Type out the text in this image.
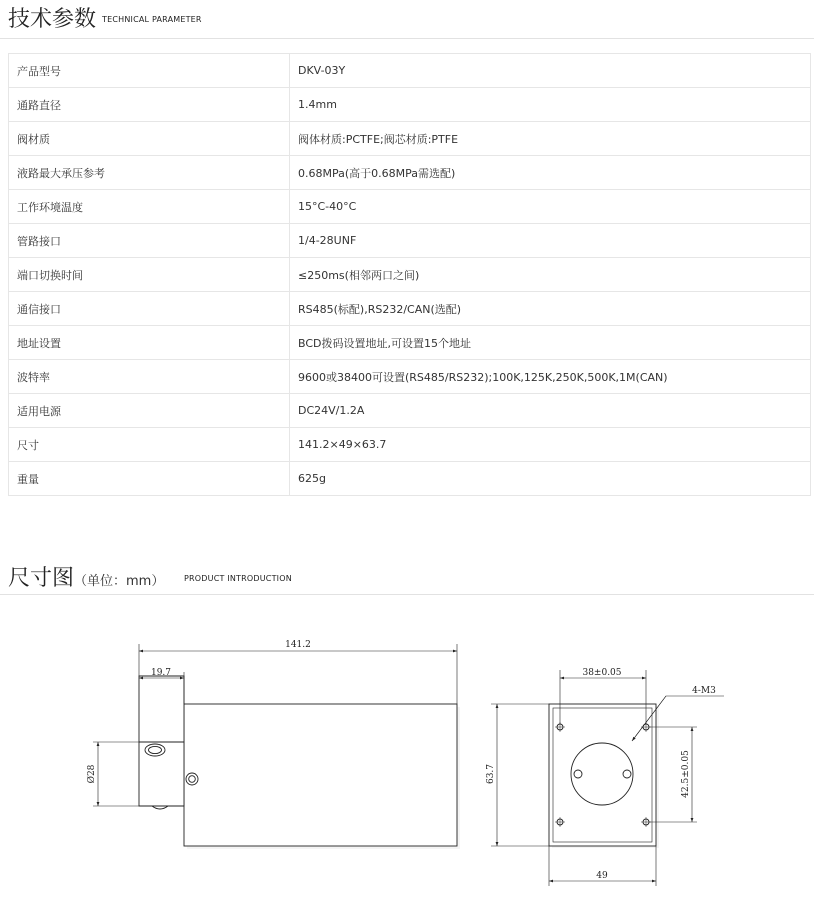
技术参数 TECHNICAL PARAMETER
产品型号	DKV-03Y
通路直径	1.4mm
阀材质	阀体材质:PCTFE;阀芯材质:PTFE
液路最大承压参考	0.68MPa(高于0.68MPa需选配)
工作环境温度	15°C-40°C
管路接口	1/4-28UNF
端口切换时间	≤250ms(相邻两口之间)
通信接口	RS485(标配),RS232/CAN(选配)
地址设置	BCD拨码设置地址,可设置15个地址
波特率	9600或38400可设置(RS485/RS232);100K,125K,250K,500K,1M(CAN)
适用电源	DC24V/1.2A
尺寸	141.2×49×63.7
重量	625g
尺寸图（单位：mm） PRODUCT INTRODUCTION
141.2
19.7
Ø28
38±0.05
4-M3
42.5±0.05
63.7
49
